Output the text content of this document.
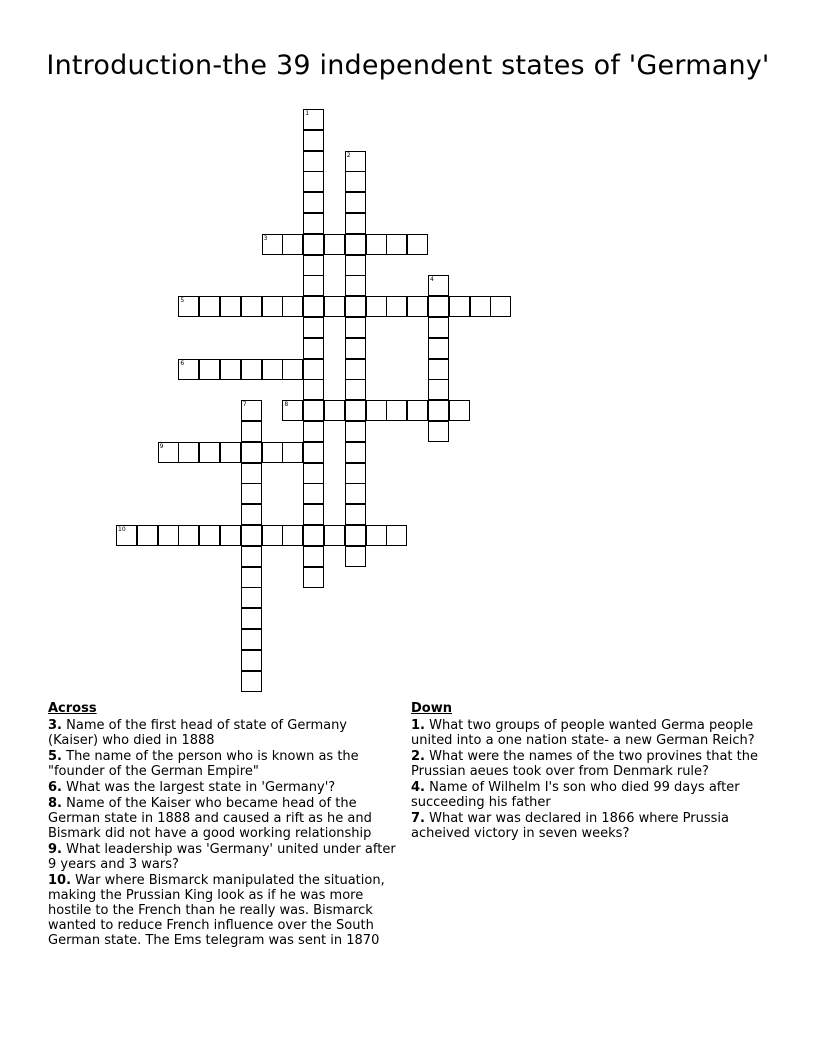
Introduction-the 39 independent states of 'Germany'
1
2
3
4
5
6
7	8
9
10
Across
3. Name of the first head of state of Germany (Kaiser) who died in 1888
5. The name of the person who is known as the "founder of the German Empire"
6. What was the largest state in 'Germany'?
8. Name of the Kaiser who became head of the German state in 1888 and caused a rift as he and Bismark did not have a good working relationship
9. What leadership was 'Germany' united under after 9 years and 3 wars?
10. War where Bismarck manipulated the situation, making the Prussian King look as if he was more hostile to the French than he really was. Bismarck wanted to reduce French influence over the South German state. The Ems telegram was sent in 1870
Down
1. What two groups of people wanted Germa people united into a one nation state- a new German Reich?
2. What were the names of the two provines that the Prussian aeues took over from Denmark rule?
4. Name of Wilhelm I's son who died 99 days after succeeding his father
7. What war was declared in 1866 where Prussia acheived victory in seven weeks?
